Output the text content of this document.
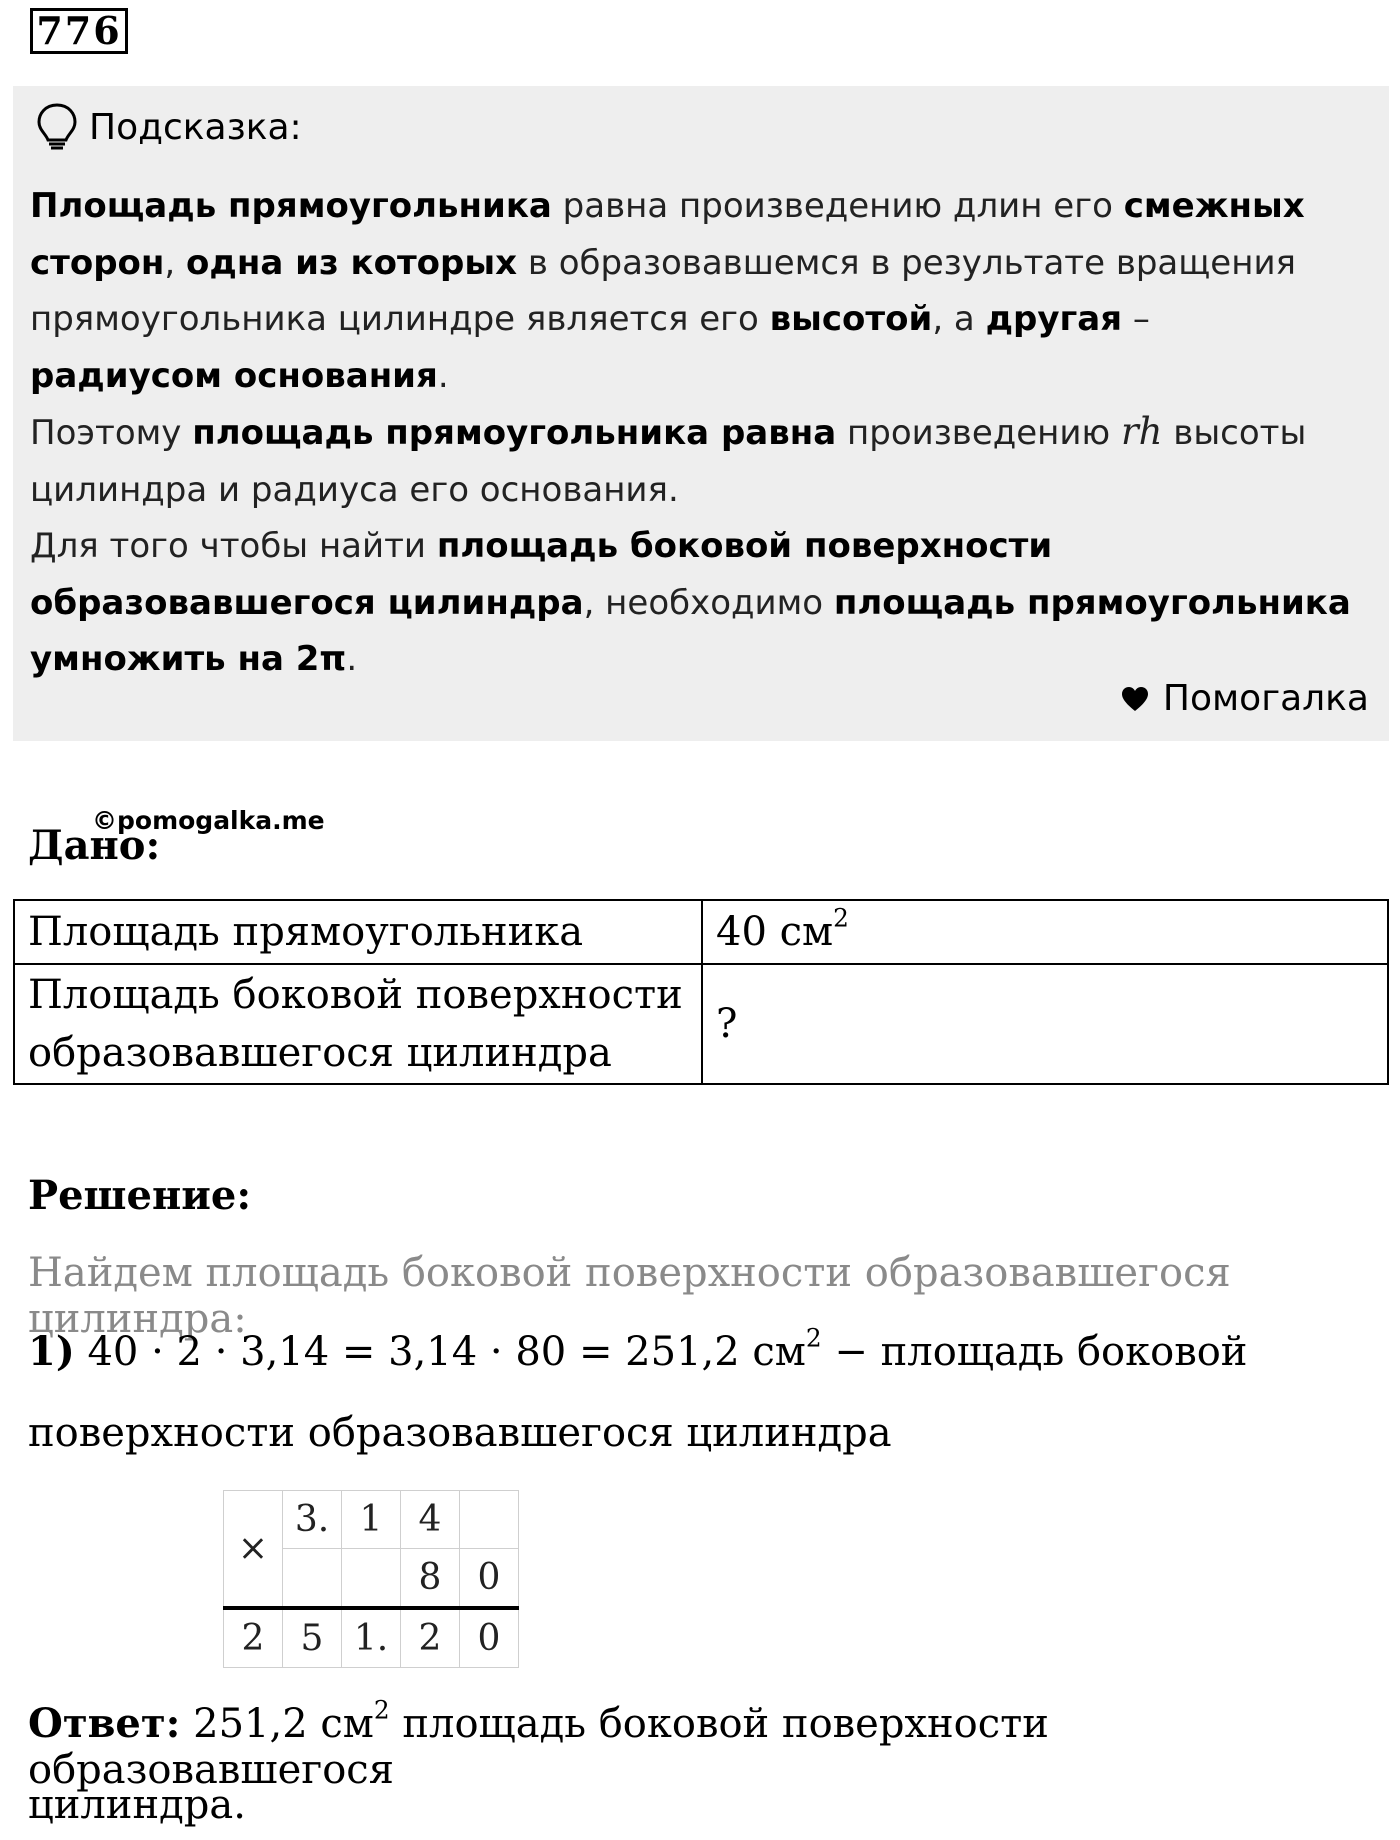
776
Подсказка:
Площадь прямоугольника равна произведению длин его смежных
сторон, одна из которых в образовавшемся в результате вращения
прямоугольника цилиндре является его высотой, а другая –
радиусом основания.
Поэтому площадь прямоугольника равна произведению rh высоты
цилиндра и радиуса его основания.
Для того чтобы найти площадь боковой поверхности
образовавшегося цилиндра, необходимо площадь прямоугольника
умножить на 2π.
Помогалка
Дано:
©pomogalka.me
Площадь прямоугольника	40 $см^2$
Площадь боковой поверхности
образовавшегося цилиндра	?
Решение:
Найдем площадь боковой поверхности образовавшегося цилиндра:
1) 40 · 2 · 3,14 = 3,14 · 80 = 251,2 $см^2$ − площадь боковой
поверхности образовавшегося цилиндра
×	3.	1	4	
			8	0
2	5	1.	2	0
Ответ: 251,2 $см^2$ площадь боковой поверхности образовавшегося
цилиндра.
